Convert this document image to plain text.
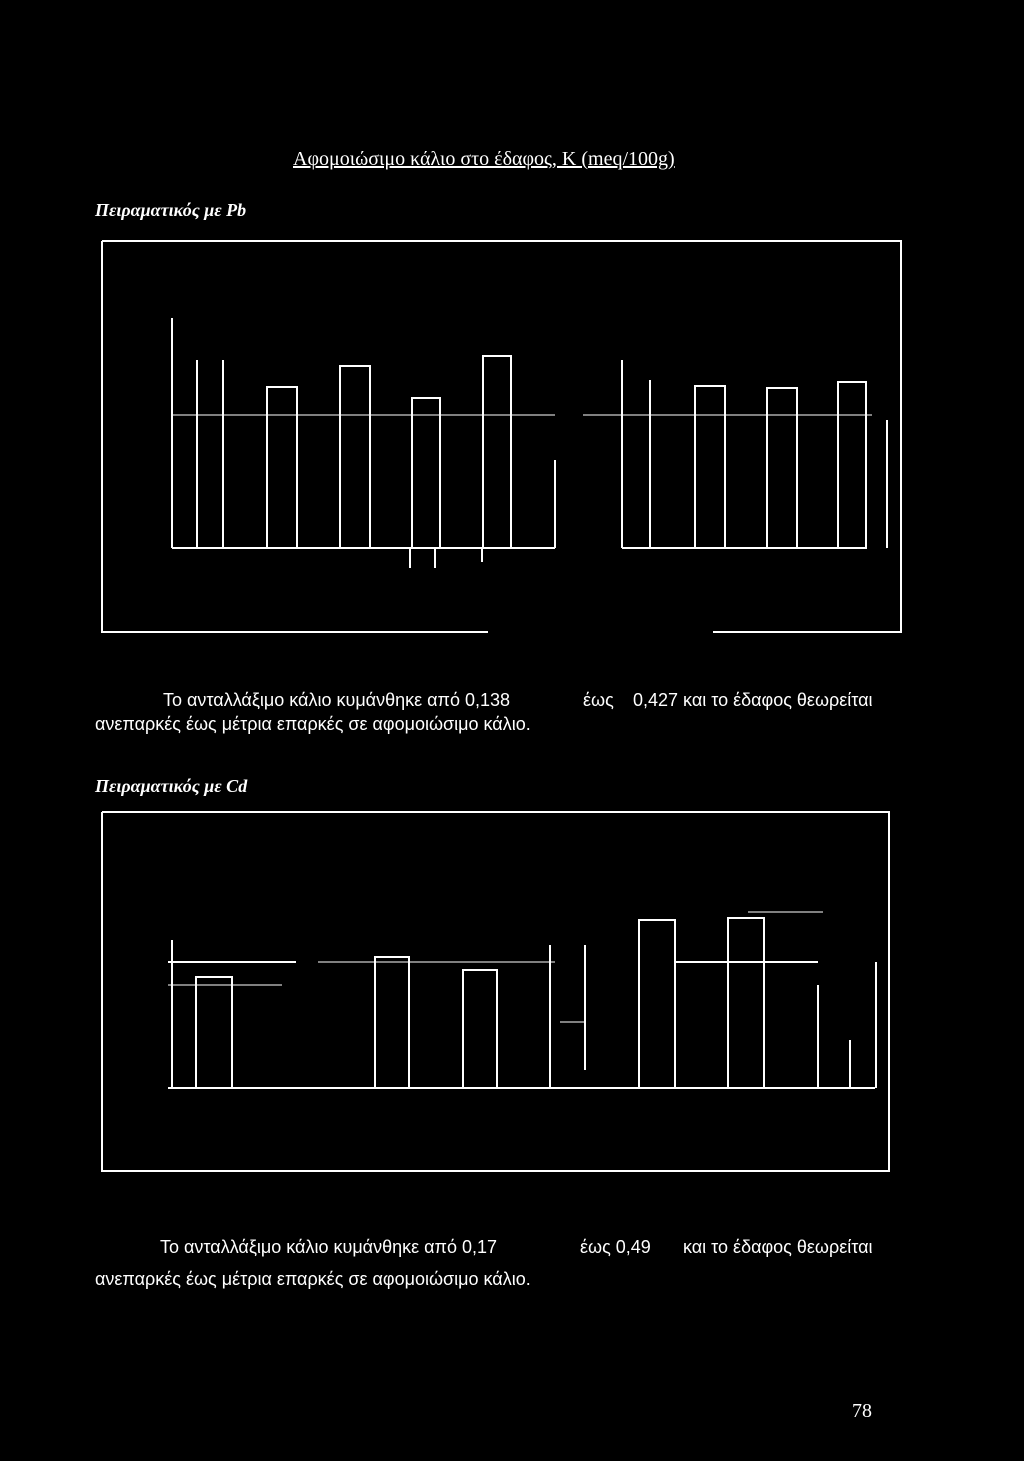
Αφομοιώσιμο κάλιο στο έδαφος, K (meq/100g)
Πειραματικός με Pb
Το ανταλλάξιμο κάλιο κυμάνθηκε από 0,138	έως 0,427 και το έδαφος θεωρείται
ανεπαρκές έως μέτρια επαρκές σε αφομοιώσιμο κάλιο.
Πειραματικός με Cd
Το ανταλλάξιμο κάλιο κυμάνθηκε από 0,17	έως 0,49 και το έδαφος θεωρείται
ανεπαρκές έως μέτρια επαρκές σε αφομοιώσιμο κάλιο.
78
